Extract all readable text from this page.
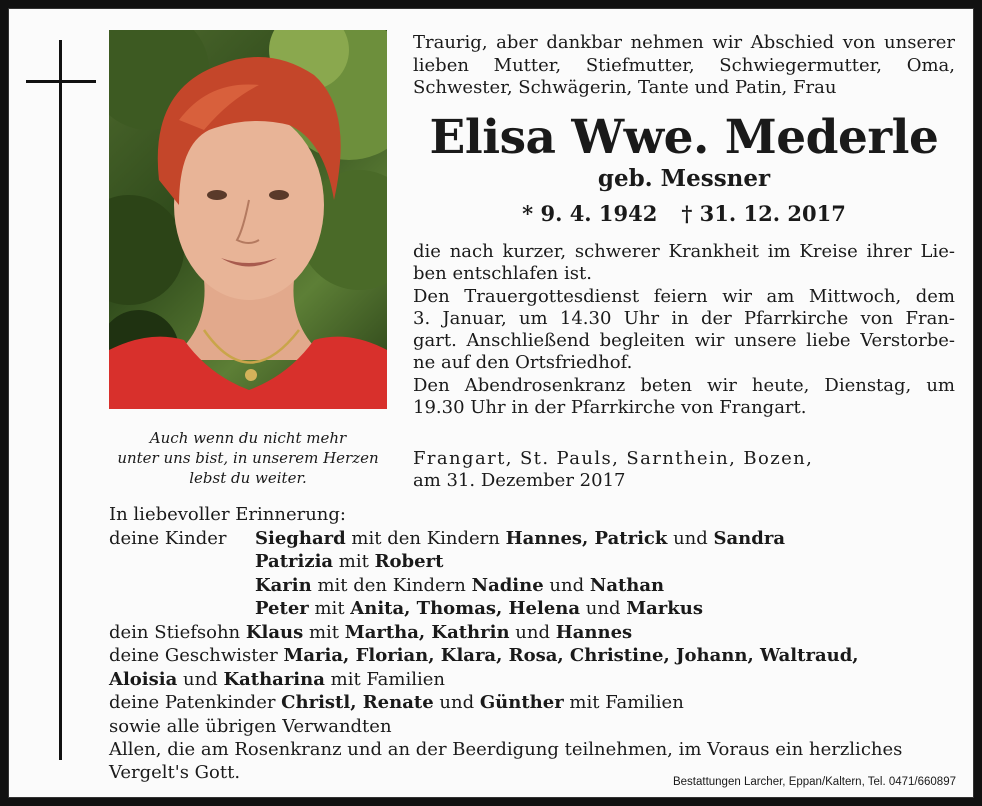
Auch wenn du nicht mehr
unter uns bist, in unserem Herzen
lebst du weiter.
Traurig, aber dankbar nehmen wir Abschied von unserer
lieben Mutter, Stiefmutter, Schwiegermutter, Oma,
Schwester, Schwägerin, Tante und Patin, Frau
Elisa Wwe. Mederle
geb. Messner
* 9. 4. 1942 † 31. 12. 2017
die nach kurzer, schwerer Krankheit im Kreise ihrer Lie-
ben entschlafen ist.
Den Trauergottesdienst feiern wir am Mittwoch, dem
3. Januar, um 14.30 Uhr in der Pfarrkirche von Fran-
gart. Anschließend begleiten wir unsere liebe Verstorbe-
ne auf den Ortsfriedhof.
Den Abendrosenkranz beten wir heute, Dienstag, um
19.30 Uhr in der Pfarrkirche von Frangart.
Frangart, St. Pauls, Sarnthein, Bozen,
am 31. Dezember 2017
In liebevoller Erinnerung:
deine Kinder Sieghard mit den Kindern Hannes, Patrick und Sandra
Patrizia mit Robert
Karin mit den Kindern Nadine und Nathan
Peter mit Anita, Thomas, Helena und Markus
dein Stiefsohn Klaus mit Martha, Kathrin und Hannes
deine Geschwister Maria, Florian, Klara, Rosa, Christine, Johann, Waltraud,
Aloisia und Katharina mit Familien
deine Patenkinder Christl, Renate und Günther mit Familien
sowie alle übrigen Verwandten
Allen, die am Rosenkranz und an der Beerdigung teilnehmen, im Voraus ein herzliches
Vergelt's Gott.	Bestattungen Larcher, Eppan/Kaltern, Tel. 0471/660897
